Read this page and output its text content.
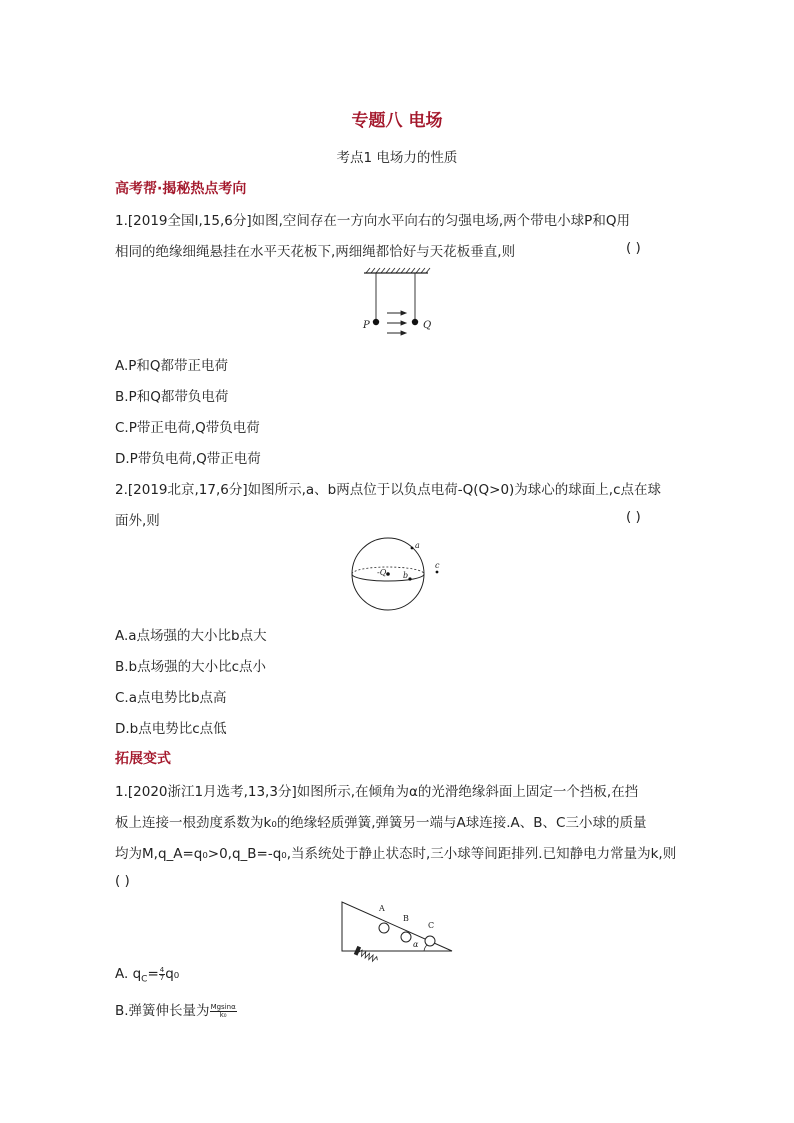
专题八 电场
考点1 电场力的性质
高考帮·揭秘热点考向
1.[2019全国Ⅰ,15,6分]如图,空间存在一方向水平向右的匀强电场,两个带电小球P和Q用
相同的绝缘细绳悬挂在水平天花板下,两细绳都恰好与天花板垂直,则	( )
P	Q
A.P和Q都带正电荷
B.P和Q都带负电荷
C.P带正电荷,Q带负电荷
D.P带负电荷,Q带正电荷
2.[2019北京,17,6分]如图所示,a、b两点位于以负点电荷-Q(Q>0)为球心的球面上,c点在球
面外,则	( )
-Q
a
b
c
A.a点场强的大小比b点大
B.b点场强的大小比c点小
C.a点电势比b点高
D.b点电势比c点低
拓展变式
1.[2020浙江1月选考,13,3分]如图所示,在倾角为α的光滑绝缘斜面上固定一个挡板,在挡
板上连接一根劲度系数为k₀的绝缘轻质弹簧,弹簧另一端与A球连接.A、B、C三小球的质量
均为M,q_A=q₀>0,q_B=-q₀,当系统处于静止状态时,三小球等间距排列.已知静电力常量为k,则
( )
A
B
C
α
A. $q_C= \frac{4}{7} q_0$
B.弹簧伸长量为 $\frac{Mgsin\alpha}{\text{k₀}}$
